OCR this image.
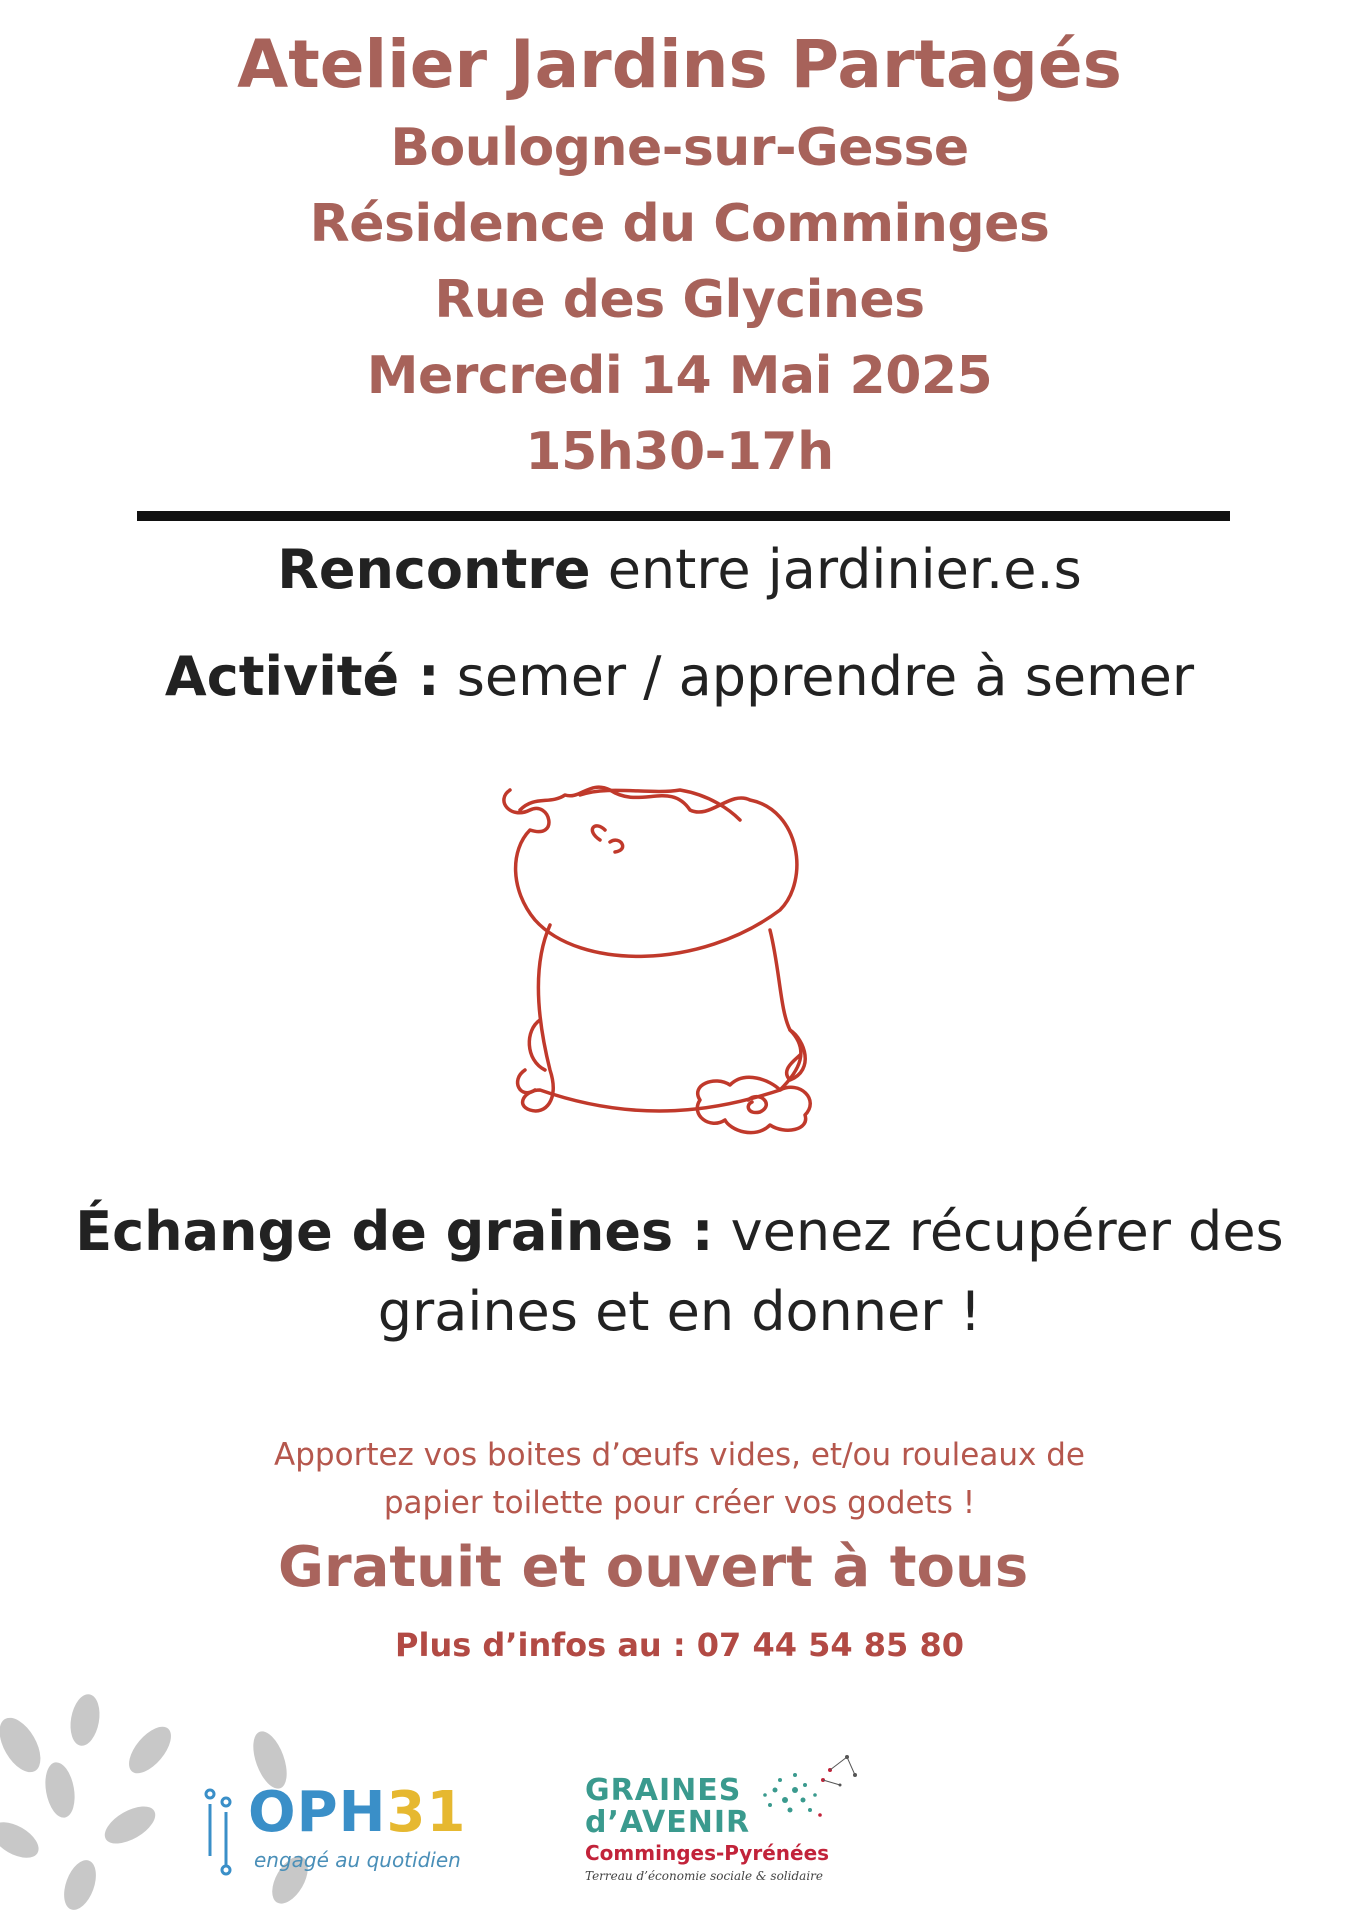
Atelier Jardins Partagés
Boulogne-sur-Gesse
Résidence du Comminges
Rue des Glycines
Mercredi 14 Mai 2025
15h30-17h
Rencontre entre jardinier.e.s
Activité : semer / apprendre à semer
Échange de graines : venez récupérer des
graines et en donner !
Apportez vos boites d’œufs vides, et/ou rouleaux de
papier toilette pour créer vos godets !
Gratuit et ouvert à tous
Plus d’infos au : 07 44 54 85 80
OPH31
engagé au quotidien
GRAINES
d’AVENIR
Comminges-Pyrénées
Terreau d’économie sociale & solidaire
